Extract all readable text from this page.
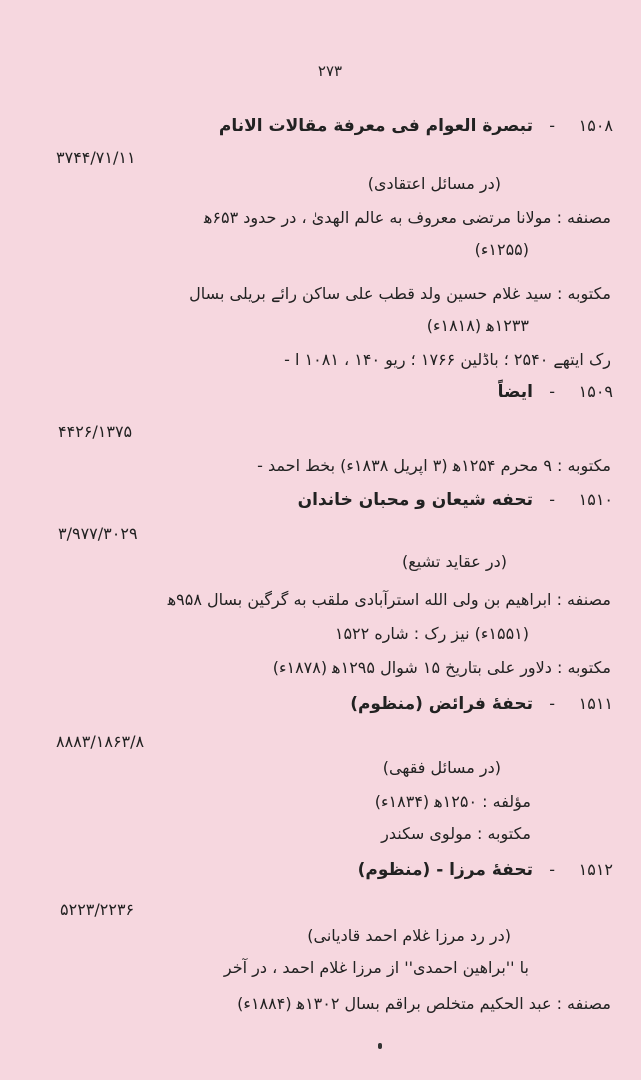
۲۷۳
۱۵۰۸
-
تبصرة العوام فی معرفة مقالات الانام
۳۷۴۴/۷۱/۱۱
(در مسائل اعتقادی)
مصنفه : مولانا مرتضی معروف به عالم الهدیٰ ، در حدود ۶۵۳ﻫ
(۱۲۵۵ء)
مکتوبه : سید غلام حسین ولد قطب علی ساکن رائے بریلی بسال
۱۲۳۳ﻫ (۱۸۱۸ء)
رک ایتھے ۲۵۴۰ ؛ باڈلین ۱۷۶۶ ؛ ریو ۱۴۰ ، ۱۰۸۱ ا -
۱۵۰۹
-
ایضاً
۴۴۲۶/۱۳۷۵
مکتوبه : ۹ محرم ۱۲۵۴ﻫ (۳ اپریل ۱۸۳۸ء) بخط احمد -
۱۵۱۰
-
تحفه شیعان و محبان خاندان
۳/۹۷۷/۳۰۲۹
(در عقاید تشیع)
مصنفه : ابراهیم بن ولی الله استرآبادی ملقب به گرگین بسال ۹۵۸ﻫ
(۱۵۵۱ء) نیز رک : شاره ۱۵۲۲
مکتوبه : دلاور علی بتاریخ ۱۵ شوال ۱۲۹۵ﻫ (۱۸۷۸ء)
۱۵۱۱
-
تحفۀ فرائض (منظوم)
۸۸۸۳/۱۸۶۳/۸
(در مسائل فقهی)
مؤلفه : ۱۲۵۰ﻫ (۱۸۳۴ء)
مکتوبه : مولوی سکندر
۱۵۱۲
-
تحفۀ مرزا - (منظوم)
۵۲۲۳/۲۲۳۶
(در رد مرزا غلام احمد قادیانی)
با ''براهین احمدی'' از مرزا غلام احمد ، در آخر
مصنفه : عبد الحکیم متخلص براقم بسال ۱۳۰۲ﻫ (۱۸۸۴ء)
